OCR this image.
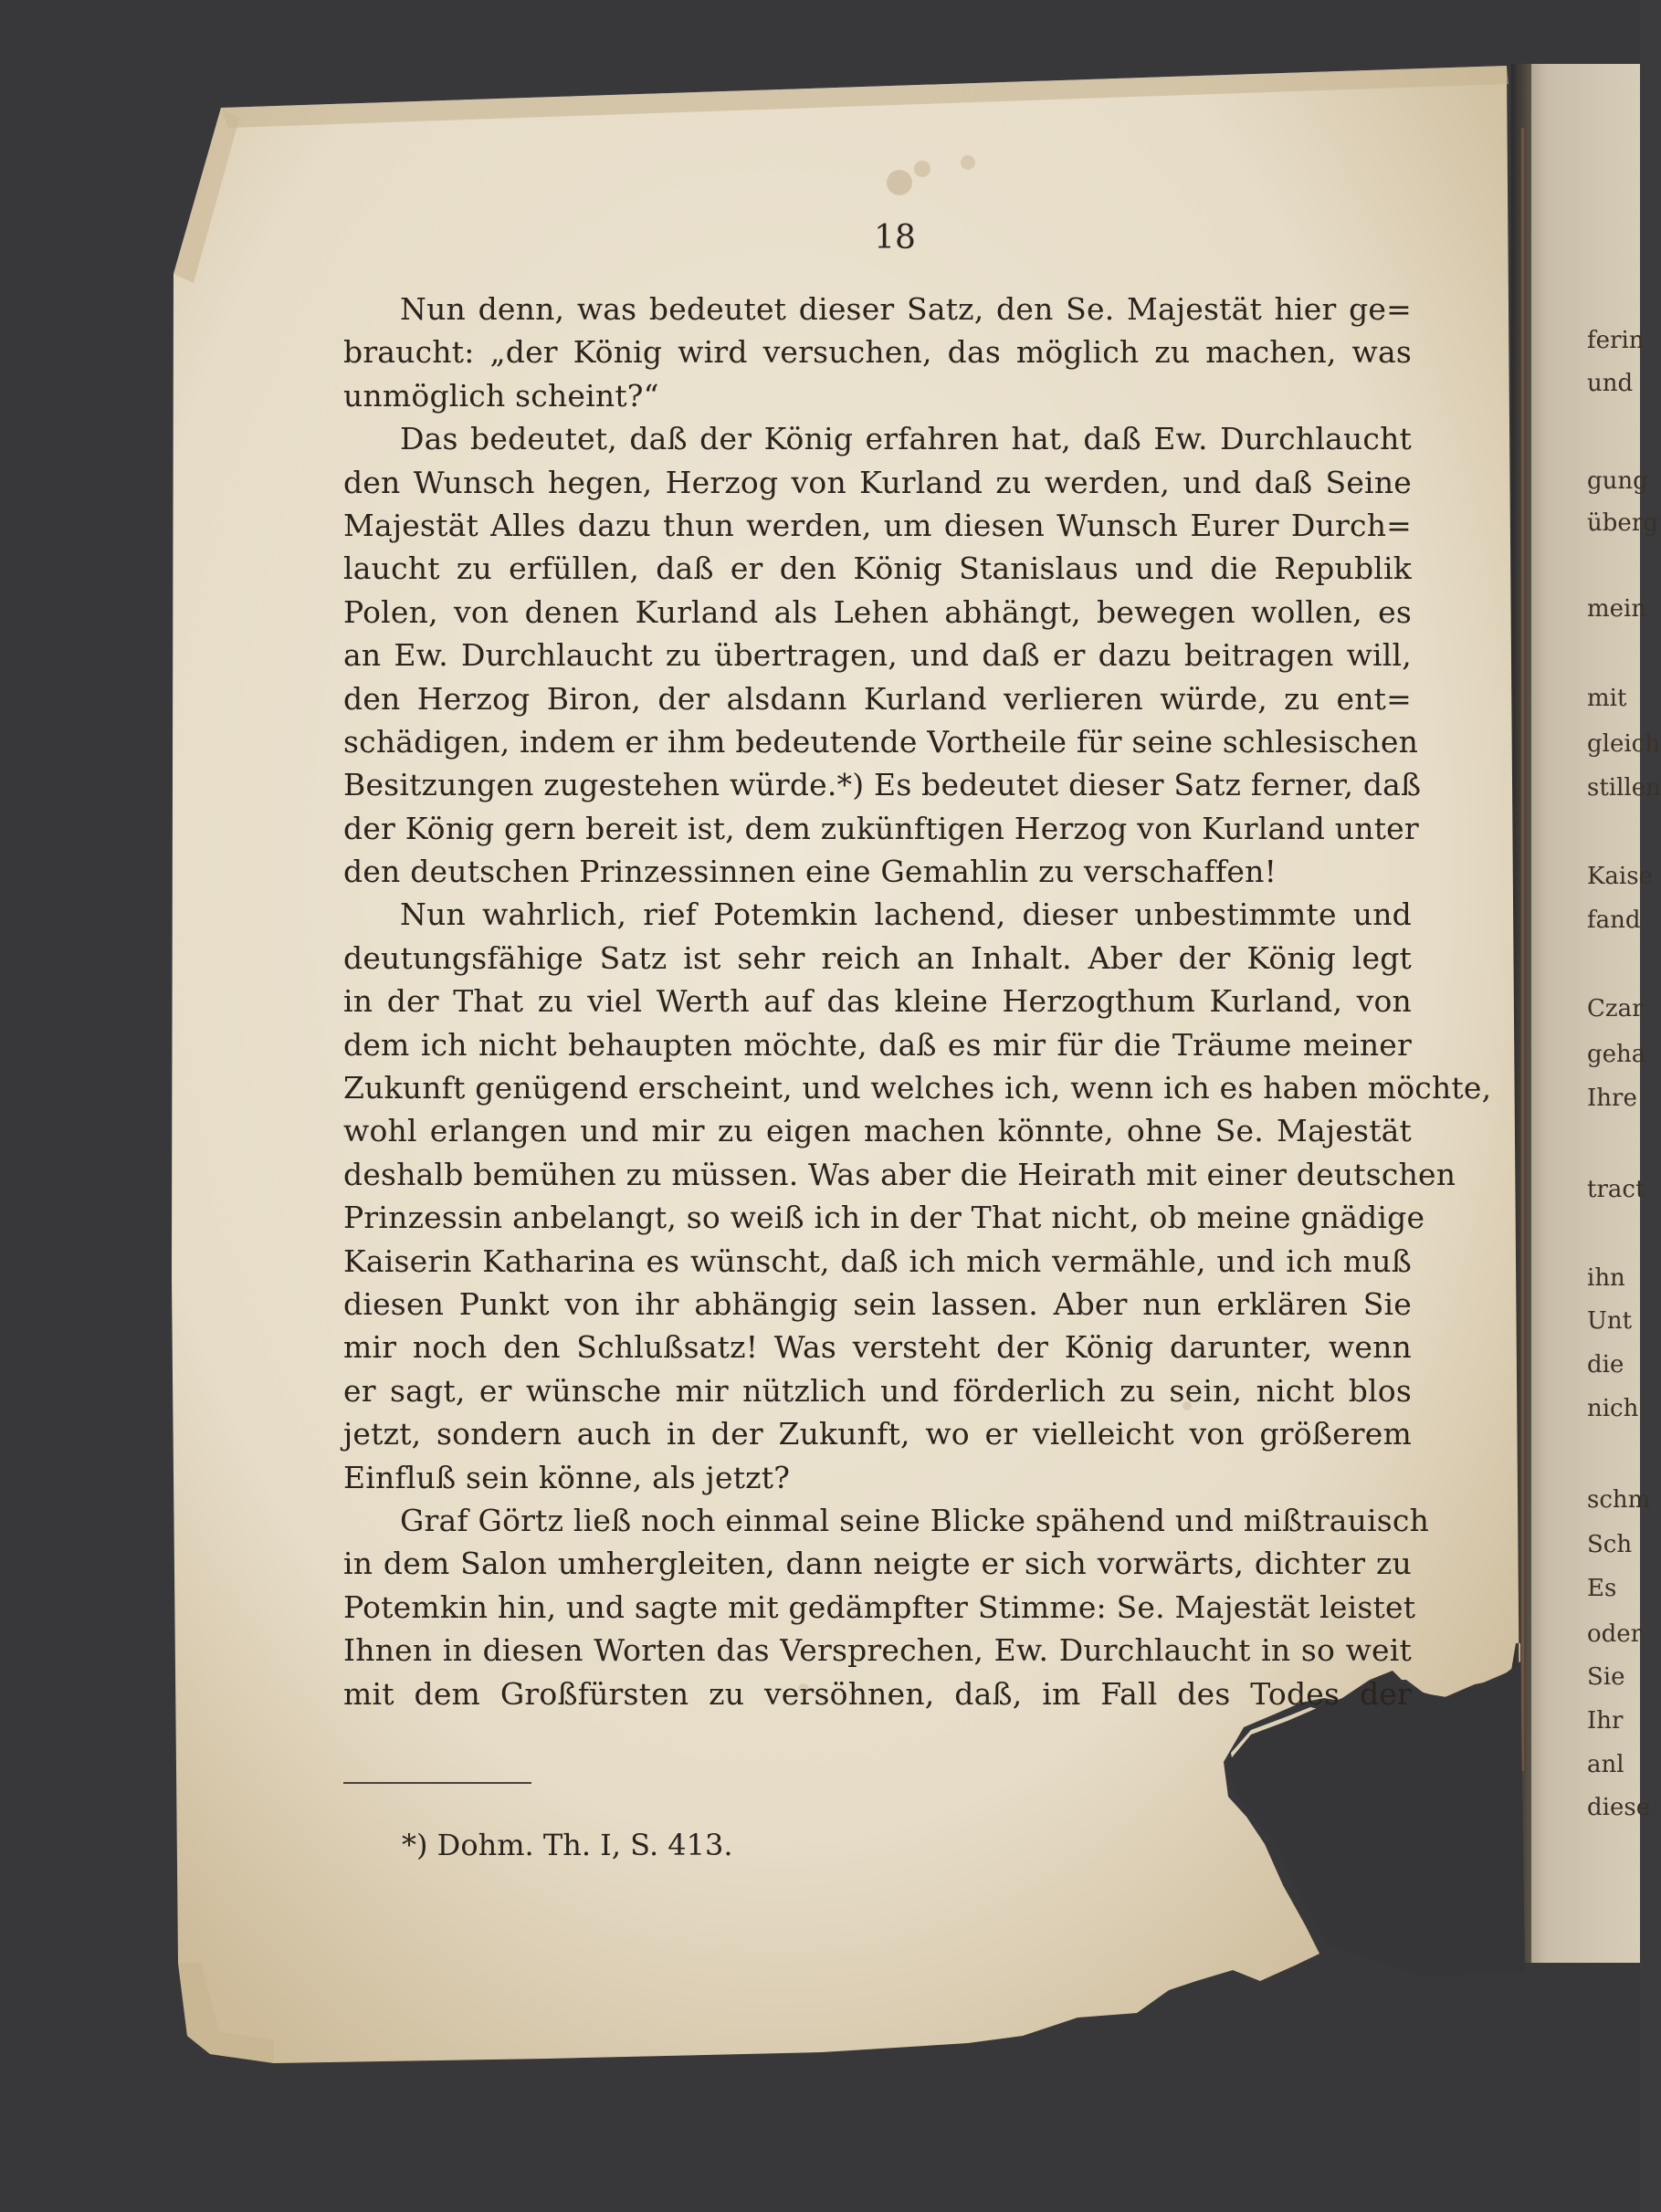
18
Nun denn, was bedeutet dieser Satz, den Se. Majestät hier ge=
braucht: „der König wird versuchen, das möglich zu machen, was
unmöglich scheint?“
Das bedeutet, daß der König erfahren hat, daß Ew. Durchlaucht
den Wunsch hegen, Herzog von Kurland zu werden, und daß Seine
Majestät Alles dazu thun werden, um diesen Wunsch Eurer Durch=
laucht zu erfüllen, daß er den König Stanislaus und die Republik
Polen, von denen Kurland als Lehen abhängt, bewegen wollen, es
an Ew. Durchlaucht zu übertragen, und daß er dazu beitragen will,
den Herzog Biron, der alsdann Kurland verlieren würde, zu ent=
schädigen, indem er ihm bedeutende Vortheile für seine schlesischen
Besitzungen zugestehen würde.*) Es bedeutet dieser Satz ferner, daß
der König gern bereit ist, dem zukünftigen Herzog von Kurland unter
den deutschen Prinzessinnen eine Gemahlin zu verschaffen!
Nun wahrlich, rief Potemkin lachend, dieser unbestimmte und
deutungsfähige Satz ist sehr reich an Inhalt. Aber der König legt
in der That zu viel Werth auf das kleine Herzogthum Kurland, von
dem ich nicht behaupten möchte, daß es mir für die Träume meiner
Zukunft genügend erscheint, und welches ich, wenn ich es haben möchte,
wohl erlangen und mir zu eigen machen könnte, ohne Se. Majestät
deshalb bemühen zu müssen. Was aber die Heirath mit einer deutschen
Prinzessin anbelangt, so weiß ich in der That nicht, ob meine gnädige
Kaiserin Katharina es wünscht, daß ich mich vermähle, und ich muß
diesen Punkt von ihr abhängig sein lassen. Aber nun erklären Sie
mir noch den Schlußsatz! Was versteht der König darunter, wenn
er sagt, er wünsche mir nützlich und förderlich zu sein, nicht blos
jetzt, sondern auch in der Zukunft, wo er vielleicht von größerem
Einfluß sein könne, als jetzt?
Graf Görtz ließ noch einmal seine Blicke spähend und mißtrauisch
in dem Salon umhergleiten, dann neigte er sich vorwärts, dichter zu
Potemkin hin, und sagte mit gedämpfter Stimme: Se. Majestät leistet
Ihnen in diesen Worten das Versprechen, Ew. Durchlaucht in so weit
mit dem Großfürsten zu versöhnen, daß, im Fall des Todes der
*) Dohm. Th. I, S. 413.
ferin
und
gung
überg
mein
mit
gleich
stillen
Kaise
fand
Czar
geha
Ihre
tract
ihn
Unt
die
nich
schm
Sch
Es
oder
Sie
Ihr
anl
diese
